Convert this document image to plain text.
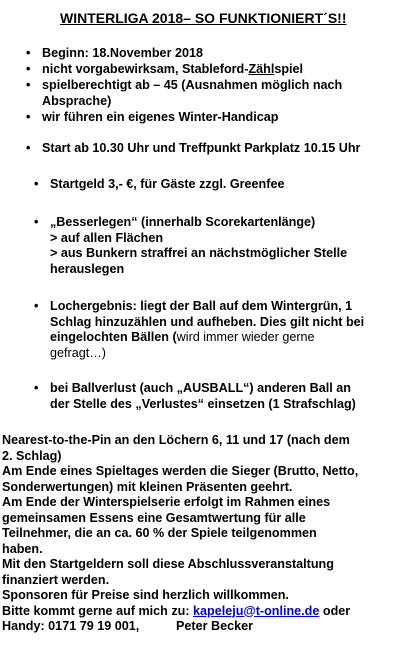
WINTERLIGA 2018– SO FUNKTIONIERT´S!!
• Beginn: 18.November 2018
• nicht vorgabewirksam, Stableford-Zählspiel
• spielberechtigt ab – 45 (Ausnahmen möglich nach
Absprache)
• wir führen ein eigenes Winter-Handicap
• Start ab 10.30 Uhr und Treffpunkt Parkplatz 10.15 Uhr
• Startgeld 3,- €, für Gäste zzgl. Greenfee
• „Besserlegen“ (innerhalb Scorekartenlänge)
> auf allen Flächen
> aus Bunkern straffrei an nächstmöglicher Stelle
herauslegen
• Lochergebnis: liegt der Ball auf dem Wintergrün, 1
Schlag hinzuzählen und aufheben. Dies gilt nicht bei
eingelochten Bällen (wird immer wieder gerne
gefragt…)
• bei Ballverlust (auch „AUSBALL“) anderen Ball an
der Stelle des „Verlustes“ einsetzen (1 Strafschlag)

Nearest-to-the-Pin an den Löchern 6, 11 und 17 (nach dem
2. Schlag)

Am Ende eines Spieltages werden die Sieger (Brutto, Netto,
Sonderwertungen) mit kleinen Präsenten geehrt.

Am Ende der Winterspielserie erfolgt im Rahmen eines
gemeinsamen Essens eine Gesamtwertung für alle
Teilnehmer, die an ca. 60 % der Spiele teilgenommen
haben.

Mit den Startgeldern soll diese Abschlussveranstaltung
finanziert werden.

Sponsoren für Preise sind herzlich willkommen.

Bitte kommt gerne auf mich zu: kapeleju@t-online.de oder

Handy: 0171 79 19 001,	Peter Becker
